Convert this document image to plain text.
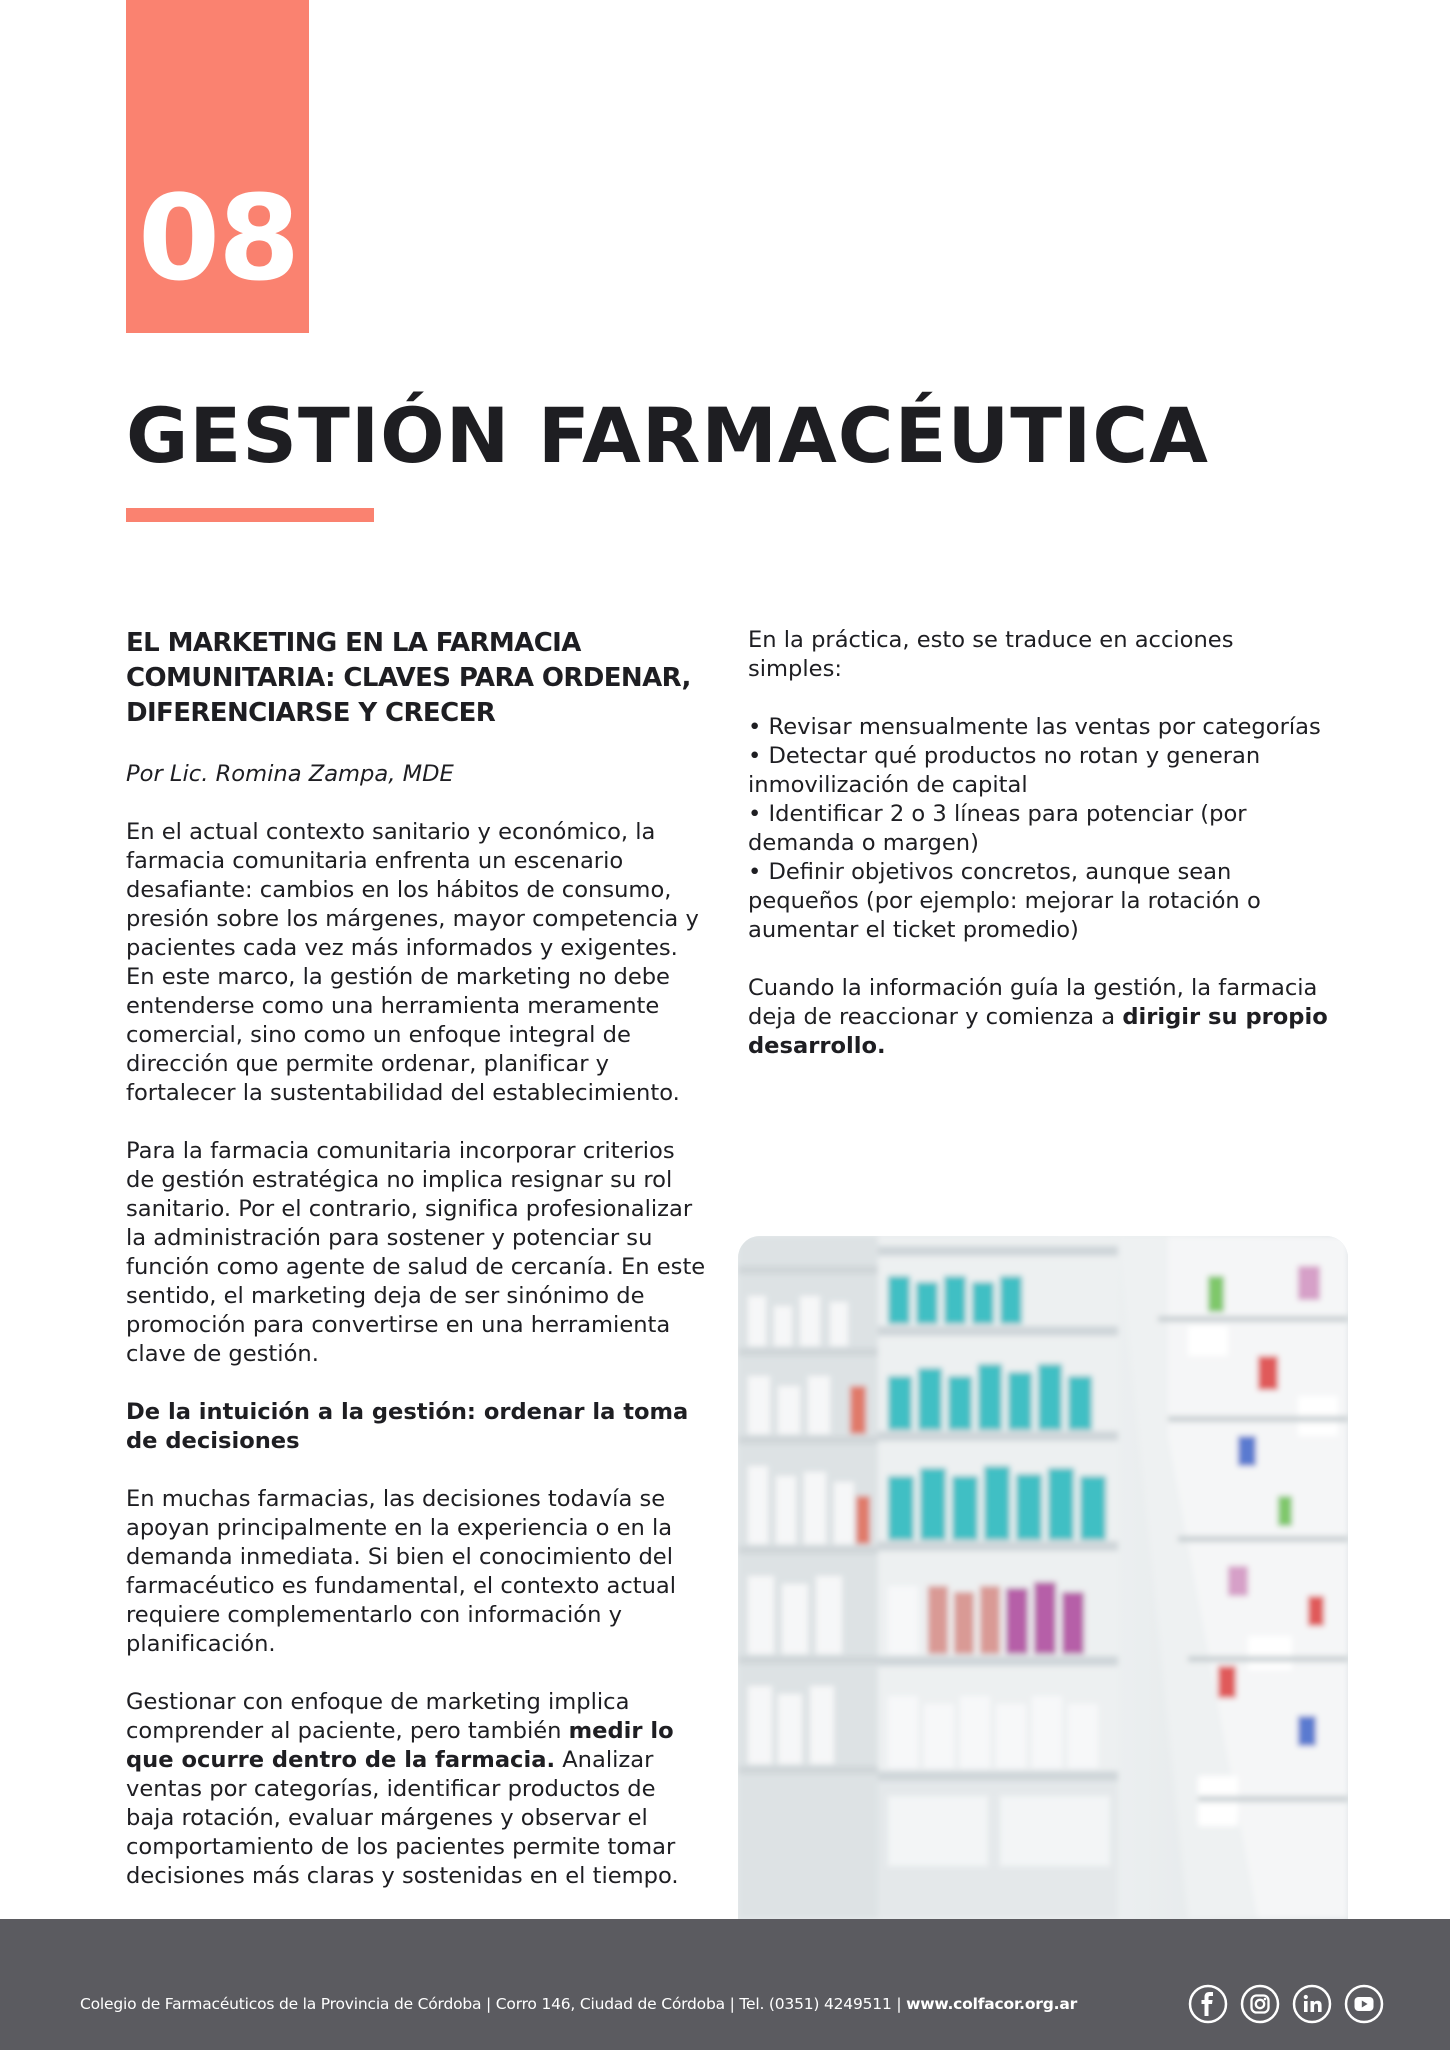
08
GESTIÓN FARMACÉUTICA
EL MARKETING EN LA FARMACIA COMUNITARIA: CLAVES PARA ORDENAR, DIFERENCIARSE Y CRECER

Por Lic. Romina Zampa, MDE

En el actual contexto sanitario y económico, la farmacia comunitaria enfrenta un escenario desafiante: cambios en los hábitos de consumo, presión sobre los márgenes, mayor competencia y pacientes cada vez más informados y exigentes. En este marco, la gestión de marketing no debe entenderse como una herramienta meramente comercial, sino como un enfoque integral de dirección que permite ordenar, planificar y fortalecer la sustentabilidad del establecimiento.

Para la farmacia comunitaria incorporar criterios de gestión estratégica no implica resignar su rol sanitario. Por el contrario, significa profesionalizar la administración para sostener y potenciar su función como agente de salud de cercanía. En este sentido, el marketing deja de ser sinónimo de promoción para convertirse en una herramienta clave de gestión.

De la intuición a la gestión: ordenar la toma de decisiones

En muchas farmacias, las decisiones todavía se apoyan principalmente en la experiencia o en la demanda inmediata. Si bien el conocimiento del farmacéutico es fundamental, el contexto actual requiere complementarlo con información y planificación.

Gestionar con enfoque de marketing implica comprender al paciente, pero también medir lo que ocurre dentro de la farmacia. Analizar ventas por categorías, identificar productos de baja rotación, evaluar márgenes y observar el comportamiento de los pacientes permite tomar decisiones más claras y sostenidas en el tiempo.

En la práctica, esto se traduce en acciones simples:

• Revisar mensualmente las ventas por categorías
• Detectar qué productos no rotan y generan inmovilización de capital
• Identificar 2 o 3 líneas para potenciar (por demanda o margen)
• Definir objetivos concretos, aunque sean pequeños (por ejemplo: mejorar la rotación o aumentar el ticket promedio)

Cuando la información guía la gestión, la farmacia deja de reaccionar y comienza a dirigir su propio desarrollo.

Colegio de Farmacéuticos de la Provincia de Córdoba | Corro 146, Ciudad de Córdoba | Tel. (0351) 4249511 | www.colfacor.org.ar
